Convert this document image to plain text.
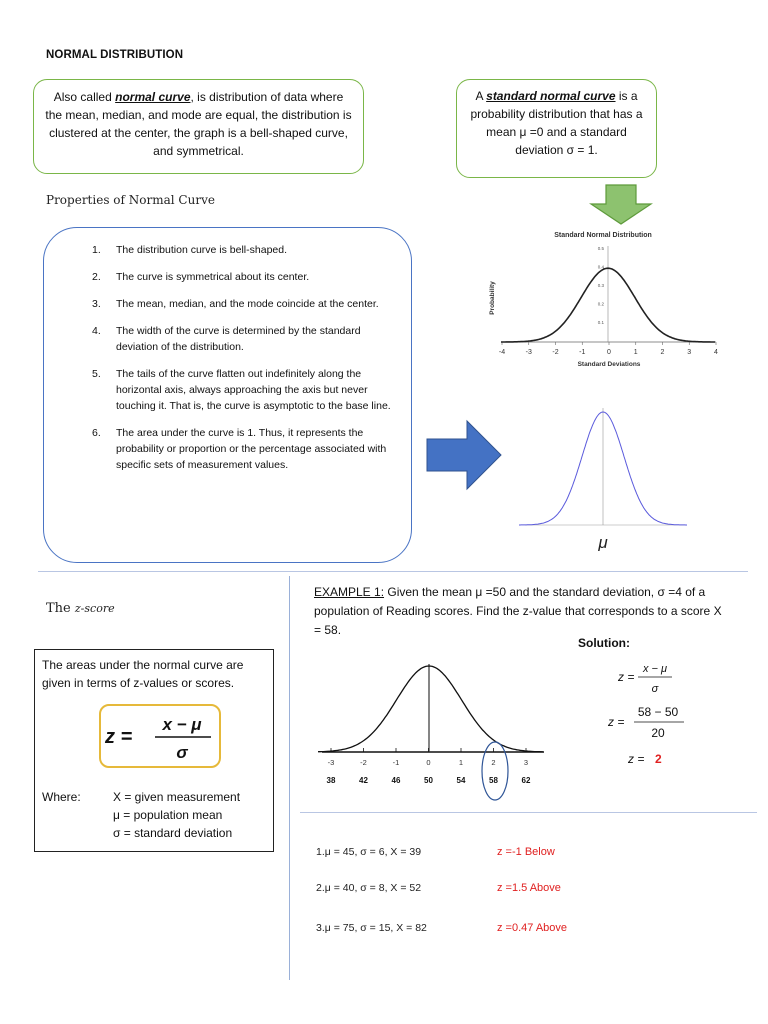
NORMAL DISTRIBUTION
Also called normal curve, is distribution of data where the mean, median, and mode are equal, the distribution is clustered at the center, the graph is a bell-shaped curve, and symmetrical.
A standard normal curve is a probability distribution that has a mean μ =0 and a standard deviation σ = 1.
Properties of Normal Curve
1. The distribution curve is bell-shaped.
2. The curve is symmetrical about its center.
3. The mean, median, and the mode coincide at the center.
4. The width of the curve is determined by the standard deviation of the distribution.
5. The tails of the curve flatten out indefinitely along the horizontal axis, always approaching the axis but never touching it. That is, the curve is asymptotic to the base line.
6. The area under the curve is 1. Thus, it represents the probability or proportion or the percentage associated with specific sets of measurement values.
Standard Normal Distribution
Probability
Standard Deviations
-4	-3	-2	-1	0	1	2	3	4
0.1
0.2
0.3
0.4
0.5
μ
The z-score
The areas under the normal curve are given in terms of z-values or scores.
z =
x − μ
σ
Where:	X = given measurement
μ = population mean
σ = standard deviation
EXAMPLE 1: Given the mean μ =50 and the standard deviation, σ =4 of a population of Reading scores. Find the z-value that corresponds to a score X = 58.
Solution:
z =
x − μ
σ
z =
58 − 50
20
z = 2
-3
38
-2
42
-1
46
0
50
1
54
2
58
3
62
1.μ = 45, σ = 6, X = 39	z =-1 Below
2.μ = 40, σ = 8, X = 52	z =1.5 Above
3.μ = 75, σ = 15, X = 82	z =0.47 Above
